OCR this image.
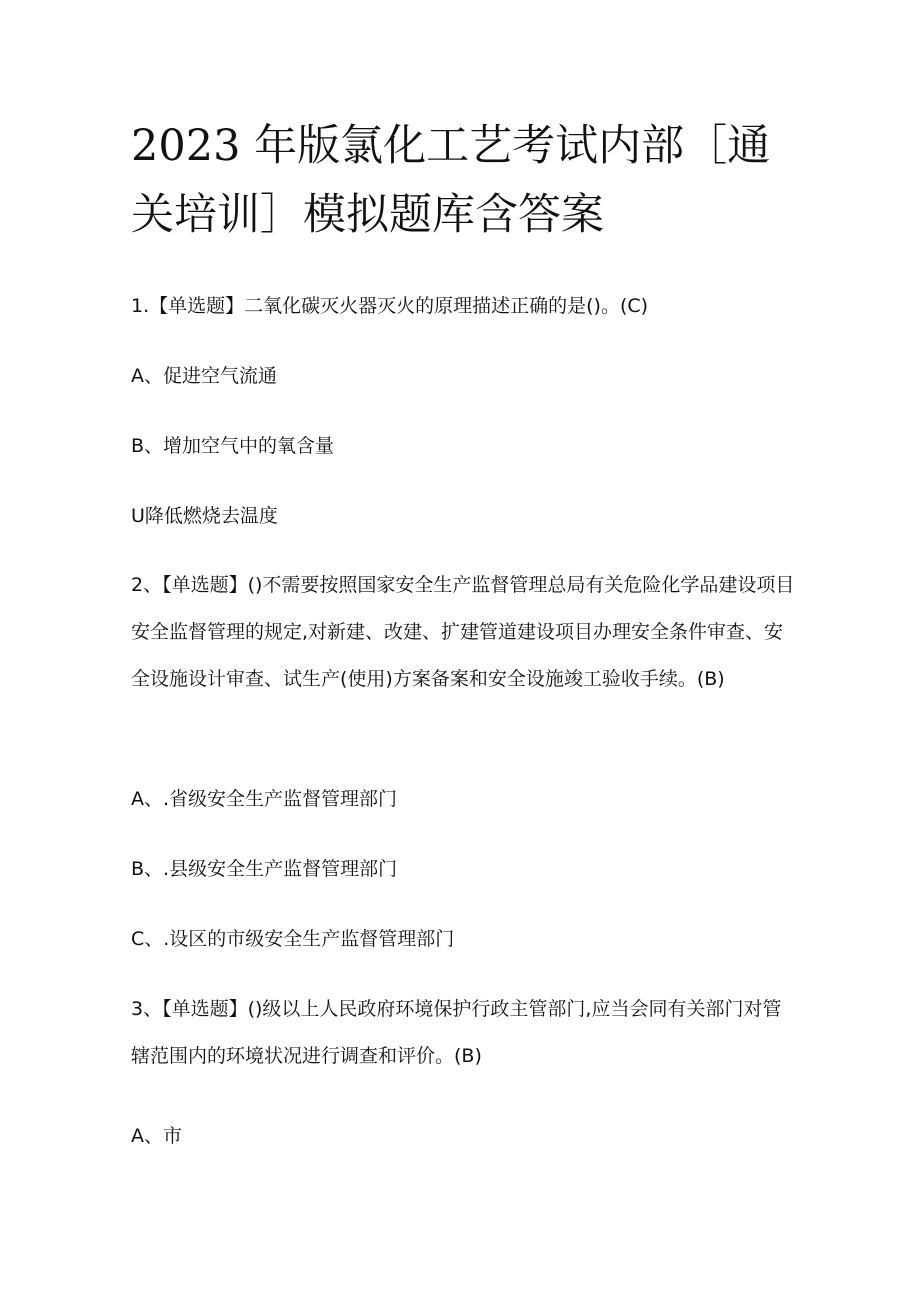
2023 年版氯化工艺考试内部［通关培训］模拟题库含答案

1.【单选题】二氧化碳灭火器灭火的原理描述正确的是()。(C)

A、促进空气流通

B、增加空气中的氧含量

U降低燃烧去温度

2、【单选题】()不需要按照国家安全生产监督管理总局有关危险化学品建设项目安全监督管理的规定,对新建、改建、扩建管道建设项目办理安全条件审查、安全设施设计审查、试生产(使用)方案备案和安全设施竣工验收手续。(B)

A、.省级安全生产监督管理部门

B、.县级安全生产监督管理部门

C、.设区的市级安全生产监督管理部门

3、【单选题】()级以上人民政府环境保护行政主管部门,应当会同有关部门对管辖范围内的环境状况进行调查和评价。(B)

A、市
